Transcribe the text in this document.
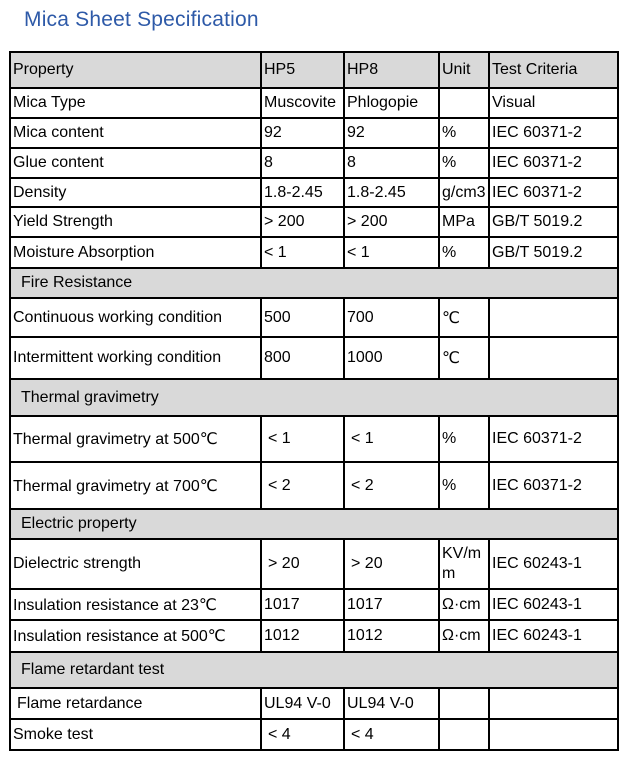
Mica Sheet Specification
Property	HP5	HP8	Unit	Test Criteria
Mica Type	Muscovite	Phlogopie		Visual
Mica content	92	92	%	IEC 60371-2
Glue content	8	8	%	IEC 60371-2
Density	1.8-2.45	1.8-2.45	g/cm3	IEC 60371-2
Yield Strength	> 200	> 200	MPa	GB/T 5019.2
Moisture Absorption	< 1	< 1	%	GB/T 5019.2
Fire Resistance				
Continuous working condition	500	700	℃	
Intermittent working condition	800	1000	℃	
Thermal gravimetry				
Thermal gravimetry at 500℃	< 1	< 1	%	IEC 60371-2
Thermal gravimetry at 700℃	< 2	< 2	%	IEC 60371-2
Electric property				
Dielectric strength	> 20	> 20	KV/mm	IEC 60243-1
Insulation resistance at 23℃	1017	1017	Ω·cm	IEC 60243-1
Insulation resistance at 500℃	1012	1012	Ω·cm	IEC 60243-1
Flame retardant test				
Flame retardance	UL94 V-0	UL94 V-0		
Smoke test	< 4	< 4		
